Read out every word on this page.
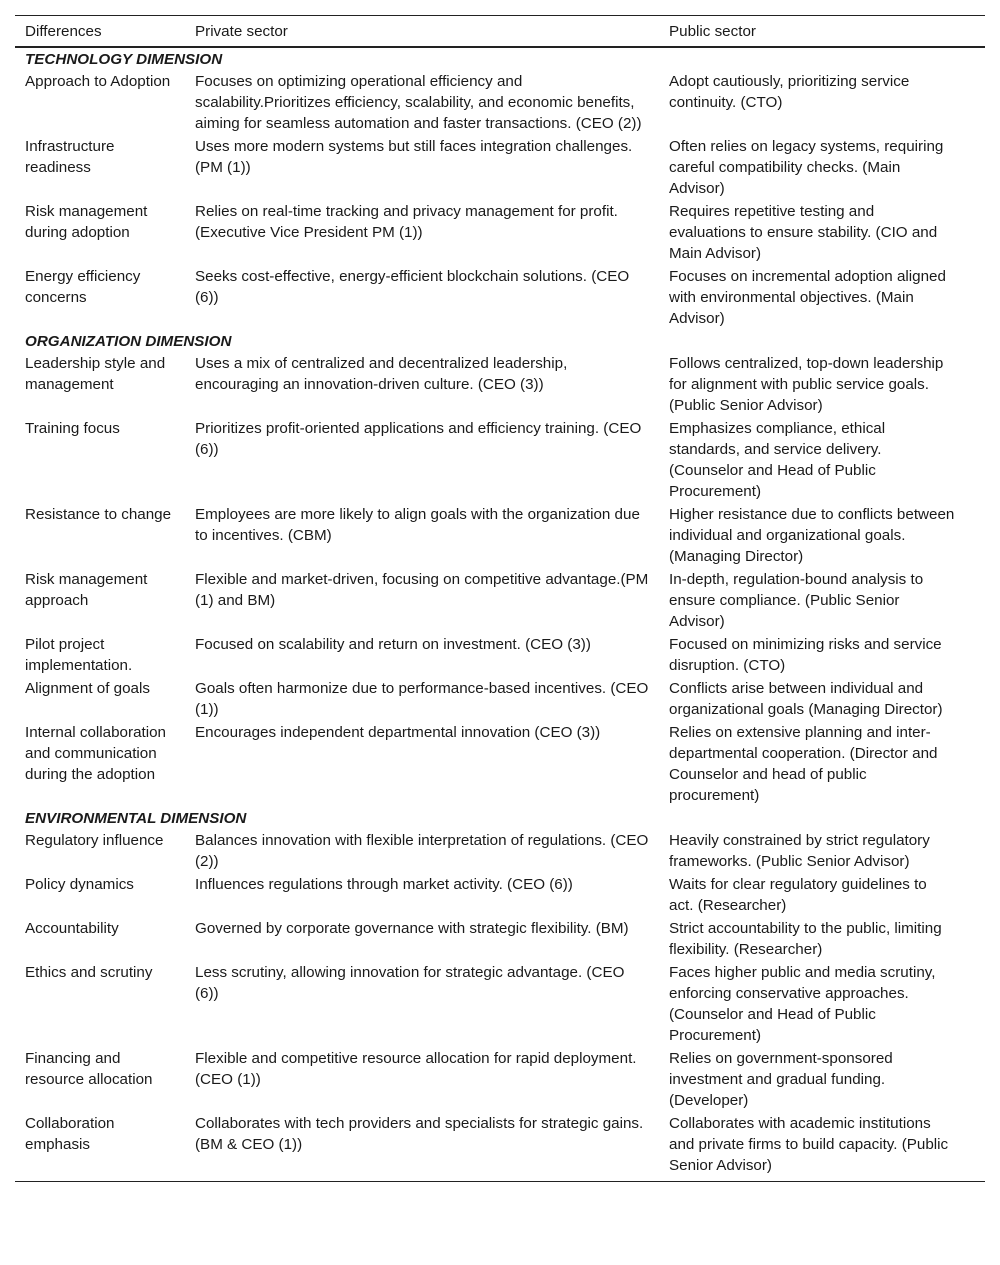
Differences	Private sector	Public sector
TECHNOLOGY DIMENSION		
Approach to Adoption	Focuses on optimizing operational efficiency and scalability.Prioritizes efficiency, scalability, and economic benefits, aiming for seamless automation and faster transactions. (CEO (2))	Adopt cautiously, prioritizing service continuity. (CTO)
Infrastructure readiness	Uses more modern systems but still faces integration challenges. (PM (1))	Often relies on legacy systems, requiring careful compatibility checks. (Main Advisor)
Risk management during adoption	Relies on real-time tracking and privacy management for profit. (Executive Vice President PM (1))	Requires repetitive testing and evaluations to ensure stability. (CIO and Main Advisor)
Energy efficiency concerns	Seeks cost-effective, energy-efficient blockchain solutions. (CEO (6))	Focuses on incremental adoption aligned with environmental objectives. (Main Advisor)
ORGANIZATION DIMENSION		
Leadership style and management	Uses a mix of centralized and decentralized leadership, encouraging an innovation-driven culture. (CEO (3))	Follows centralized, top-down leadership for alignment with public service goals. (Public Senior Advisor)
Training focus	Prioritizes profit-oriented applications and efficiency training. (CEO (6))	Emphasizes compliance, ethical standards, and service delivery. (Counselor and Head of Public Procurement)
Resistance to change	Employees are more likely to align goals with the organization due to incentives. (CBM)	Higher resistance due to conflicts between individual and organizational goals.(Managing Director)
Risk management approach	Flexible and market-driven, focusing on competitive advantage.(PM (1) and BM)	In-depth, regulation-bound analysis to ensure compliance. (Public Senior Advisor)
Pilot project implementation.	Focused on scalability and return on investment. (CEO (3))	Focused on minimizing risks and service disruption. (CTO)
Alignment of goals	Goals often harmonize due to performance-based incentives. (CEO (1))	Conflicts arise between individual and organizational goals (Managing Director)
Internal collaboration and communication during the adoption	Encourages independent departmental innovation (CEO (3))	Relies on extensive planning and inter-departmental cooperation. (Director and Counselor and head of public procurement)
ENVIRONMENTAL DIMENSION		
Regulatory influence	Balances innovation with flexible interpretation of regulations. (CEO (2))	Heavily constrained by strict regulatory frameworks. (Public Senior Advisor)
Policy dynamics	Influences regulations through market activity. (CEO (6))	Waits for clear regulatory guidelines to act. (Researcher)
Accountability	Governed by corporate governance with strategic flexibility. (BM)	Strict accountability to the public, limiting flexibility. (Researcher)
Ethics and scrutiny	Less scrutiny, allowing innovation for strategic advantage. (CEO (6))	Faces higher public and media scrutiny, enforcing conservative approaches. (Counselor and Head of Public Procurement)
Financing and resource allocation	Flexible and competitive resource allocation for rapid deployment. (CEO (1))	Relies on government-sponsored investment and gradual funding. (Developer)
Collaboration emphasis	Collaborates with tech providers and specialists for strategic gains. (BM & CEO (1))	Collaborates with academic institutions and private firms to build capacity. (Public Senior Advisor)
